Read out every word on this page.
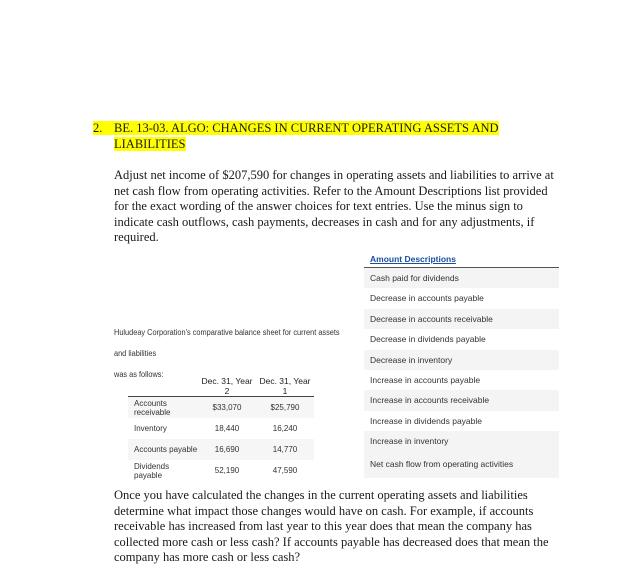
2. BE. 13-03. ALGO: CHANGES IN CURRENT OPERATING ASSETS AND
LIABILITIES

Adjust net income of $207,590 for changes in operating assets and liabilities to arrive at net cash flow from operating activities. Refer to the Amount Descriptions list provided for the exact wording of the answer choices for text entries. Use the minus sign to indicate cash outflows, cash payments, decreases in cash and for any adjustments, if required.

Huludeay Corporation's comparative balance sheet for current assets and liabilities
was as follows:
	Dec. 31, Year 2	Dec. 31, Year 1
Accounts receivable	$33,070	$25,790
Inventory	18,440	16,240
Accounts payable	16,690	14,770
Dividends payable	52,190	47,590
Amount Descriptions
Cash paid for dividends
Decrease in accounts payable
Decrease in accounts receivable
Decrease in dividends payable
Decrease in inventory
Increase in accounts payable
Increase in accounts receivable
Increase in dividends payable
Increase in inventory
Net cash flow from operating activities

Once you have calculated the changes in the current operating assets and liabilities determine what impact those changes would have on cash. For example, if accounts receivable has increased from last year to this year does that mean the company has collected more cash or less cash? If accounts payable has decreased does that mean the company has more cash or less cash?
